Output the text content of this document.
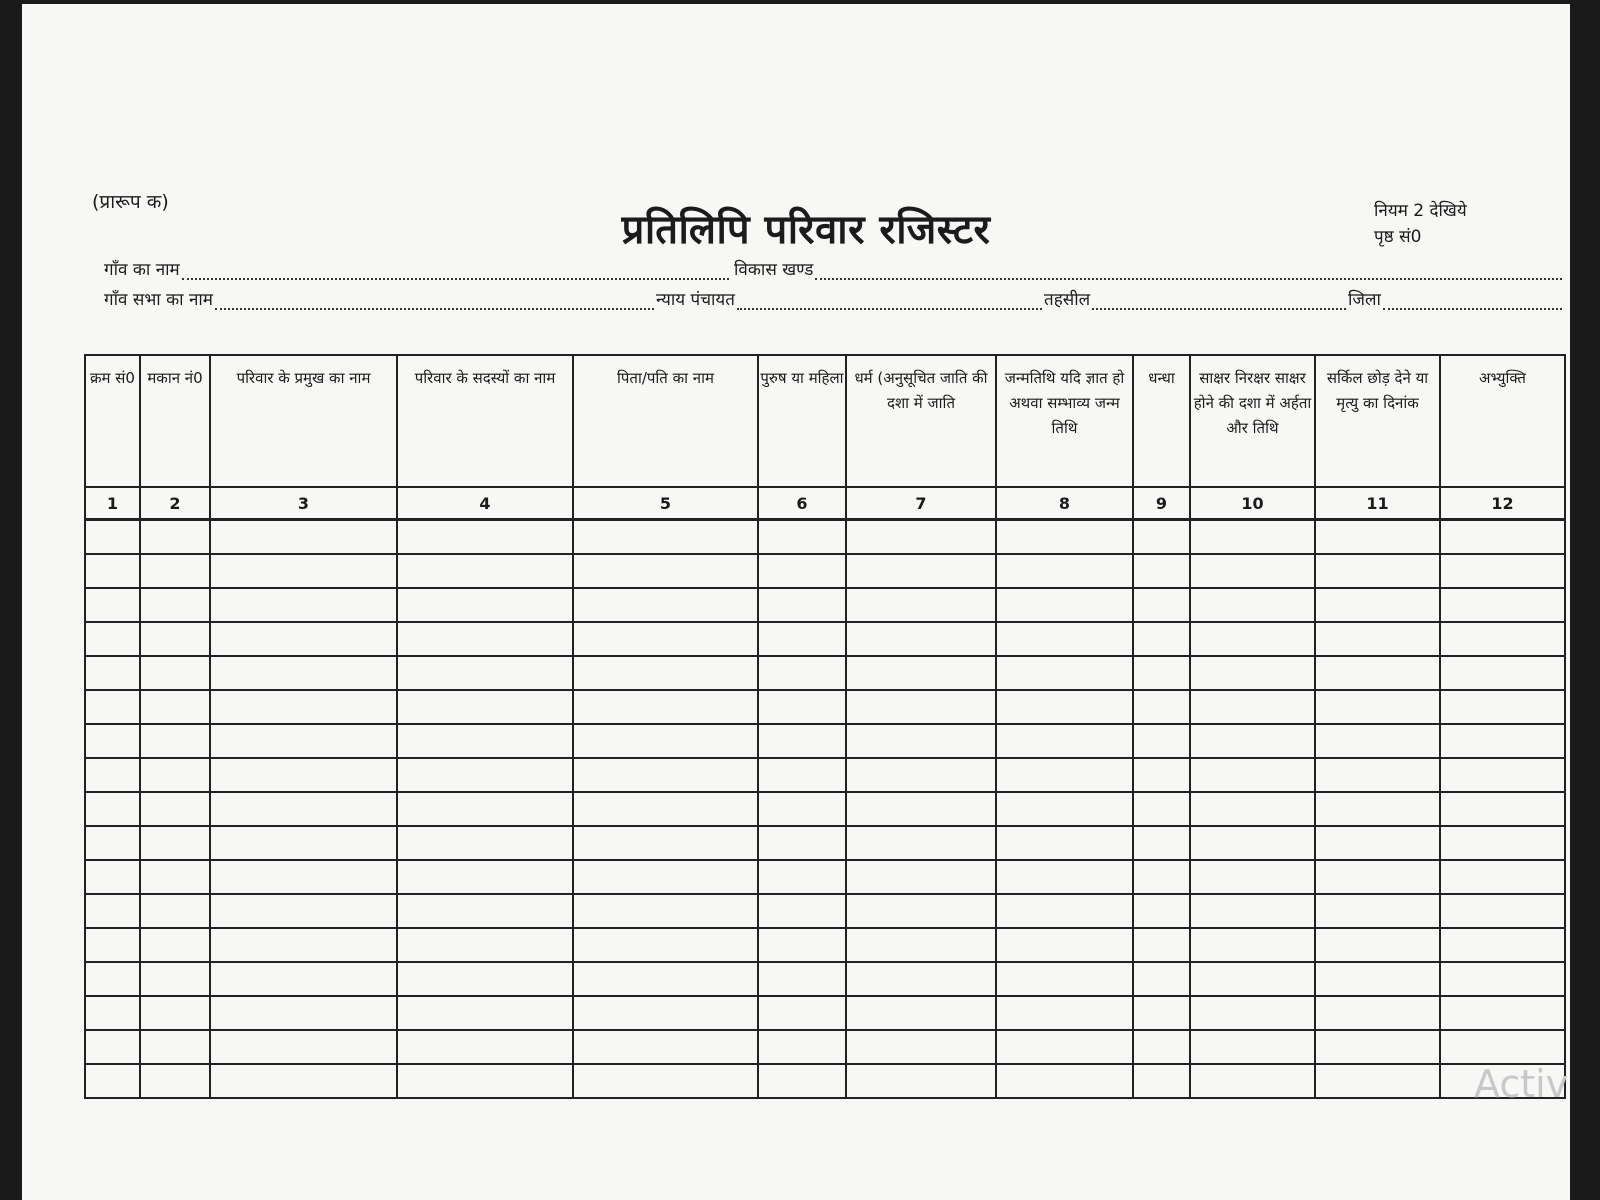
(प्रारूप क)
प्रतिलिपि परिवार रजिस्टर	नियम 2 देखिये
पृष्ठ सं0
गाँव का नाम	विकास खण्ड
गाँव सभा का नाम	न्याय पंचायत	तहसील	जिला
क्रम सं0	मकान नं0	परिवार के प्रमुख का नाम	परिवार के सदस्यों का नाम	पिता/पति का नाम	पुरुष या महिला	धर्म (अनुसूचित जाति की दशा में जाति	जन्मतिथि यदि ज्ञात हो अथवा सम्भाव्य जन्म तिथि	धन्धा	साक्षर निरक्षर साक्षर होने की दशा में अर्हता और तिथि	सर्किल छोड़ देने या मृत्यु का दिनांक	अभ्युक्ति
1	2	3	4	5	6	7	8	9	10	11	12

Activ
